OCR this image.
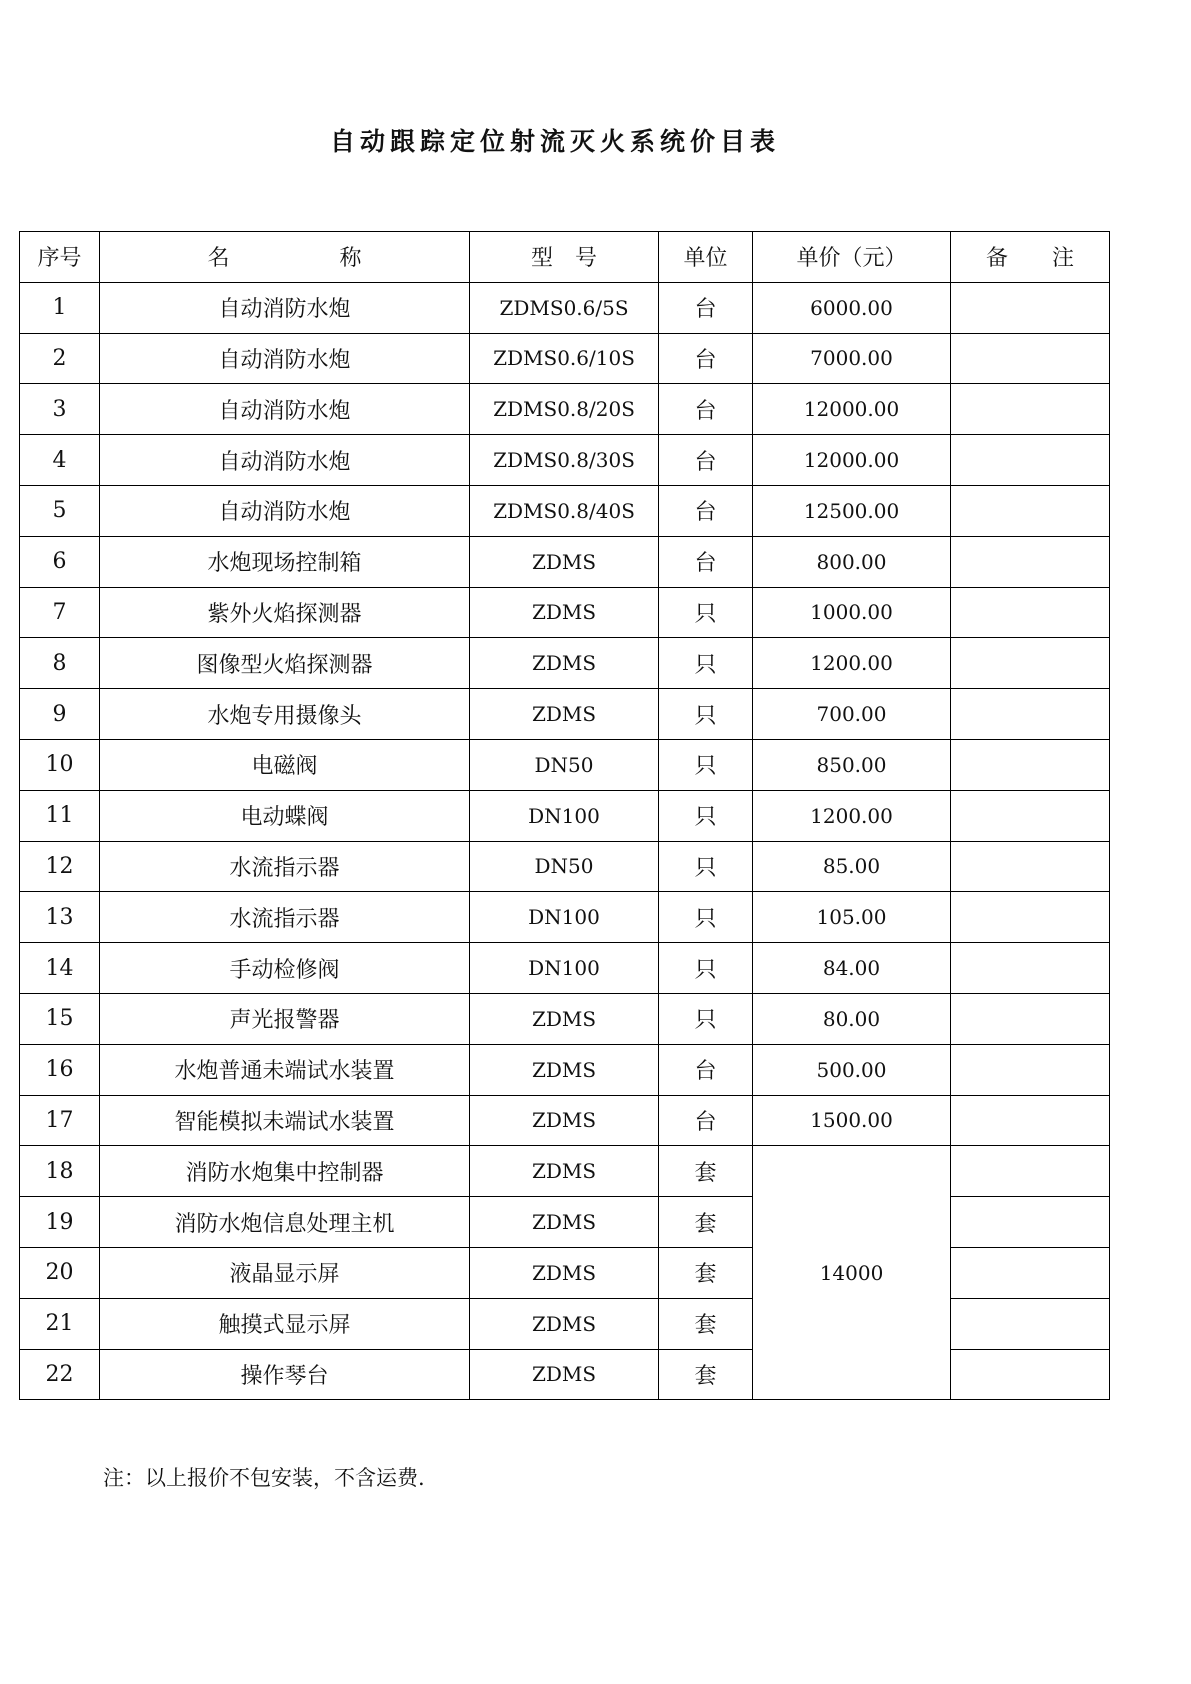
自动跟踪定位射流灭火系统价目表
序号	名　　　　　称	型　号	单位	单价（元）	备　　注
1	自动消防水炮	ZDMS0.6/5S	台	6000.00	
2	自动消防水炮	ZDMS0.6/10S	台	7000.00	
3	自动消防水炮	ZDMS0.8/20S	台	12000.00	
4	自动消防水炮	ZDMS0.8/30S	台	12000.00	
5	自动消防水炮	ZDMS0.8/40S	台	12500.00	
6	水炮现场控制箱	ZDMS	台	800.00	
7	紫外火焰探测器	ZDMS	只	1000.00	
8	图像型火焰探测器	ZDMS	只	1200.00	
9	水炮专用摄像头	ZDMS	只	700.00	
10	电磁阀	DN50	只	850.00	
11	电动蝶阀	DN100	只	1200.00	
12	水流指示器	DN50	只	85.00	
13	水流指示器	DN100	只	105.00	
14	手动检修阀	DN100	只	84.00	
15	声光报警器	ZDMS	只	80.00	
16	水炮普通未端试水装置	ZDMS	台	500.00	
17	智能模拟未端试水装置	ZDMS	台	1500.00	
18	消防水炮集中控制器	ZDMS	套	14000	
19	消防水炮信息处理主机	ZDMS	套		
20	液晶显示屏	ZDMS	套		
21	触摸式显示屏	ZDMS	套		
22	操作琴台	ZDMS	套		

注：以上报价不包安装，不含运费.
